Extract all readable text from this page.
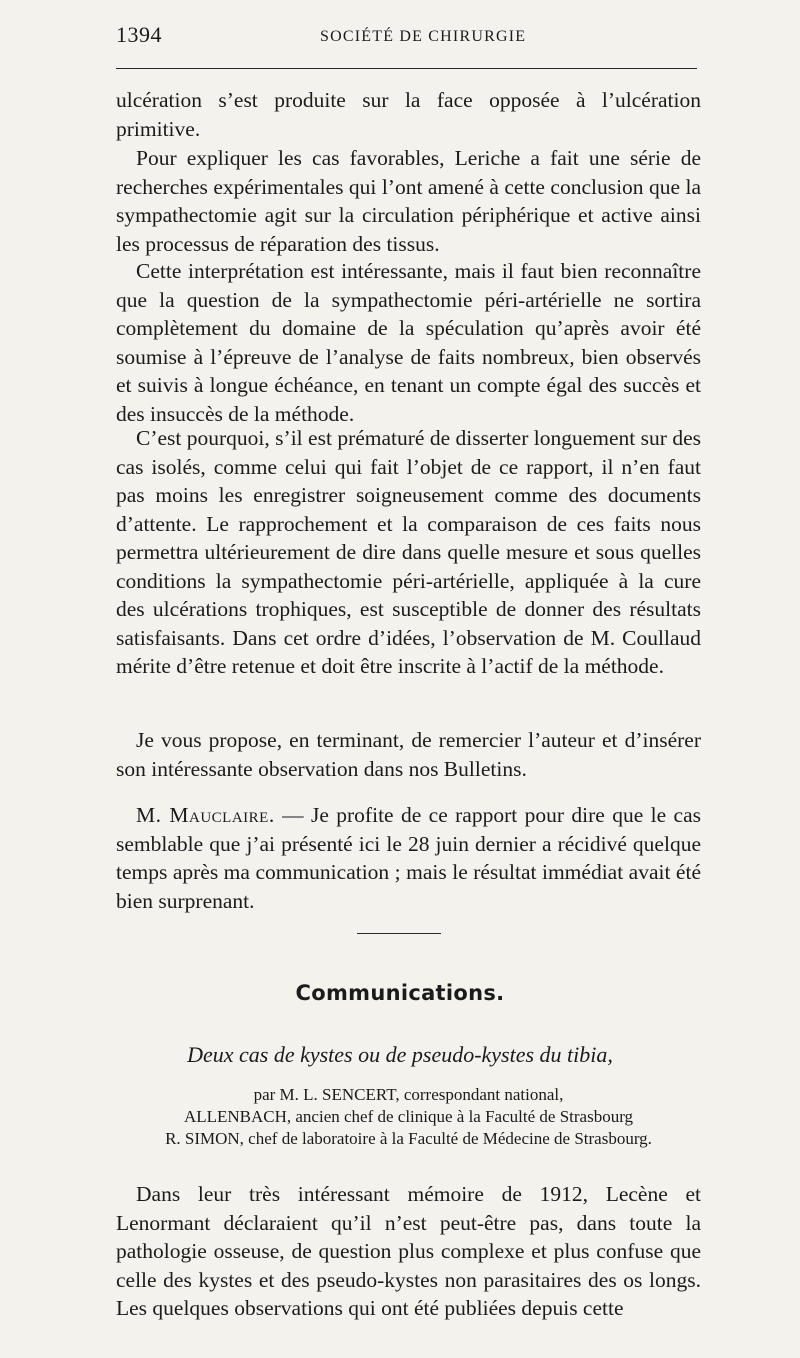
1394	SOCIÉTÉ DE CHIRURGIE
ulcération s’est produite sur la face opposée à l’ulcération primitive.
Pour expliquer les cas favorables, Leriche a fait une série de recherches expérimentales qui l’ont amené à cette conclusion que la sympathectomie agit sur la circulation périphérique et active ainsi les processus de réparation des tissus.
Cette interprétation est intéressante, mais il faut bien reconnaître que la question de la sympathectomie péri-artérielle ne sortira complètement du domaine de la spéculation qu’après avoir été soumise à l’épreuve de l’analyse de faits nombreux, bien observés et suivis à longue échéance, en tenant un compte égal des succès et des insuccès de la méthode.
C’est pourquoi, s’il est prématuré de disserter longuement sur des cas isolés, comme celui qui fait l’objet de ce rapport, il n’en faut pas moins les enregistrer soigneusement comme des documents d’attente. Le rapprochement et la comparaison de ces faits nous permettra ultérieurement de dire dans quelle mesure et sous quelles conditions la sympathectomie péri-artérielle, appliquée à la cure des ulcérations trophiques, est susceptible de donner des résultats satisfaisants. Dans cet ordre d’idées, l’observation de M. Coullaud mérite d’être retenue et doit être inscrite à l’actif de la méthode.
Je vous propose, en terminant, de remercier l’auteur et d’insérer son intéressante observation dans nos Bulletins.
M. Mauclaire. — Je profite de ce rapport pour dire que le cas semblable que j’ai présenté ici le 28 juin dernier a récidivé quelque temps après ma communication ; mais le résultat immédiat avait été bien surprenant.
Communications.
Deux cas de kystes ou de pseudo-kystes du tibia,
par M. L. SENCERT, correspondant national,
ALLENBACH, ancien chef de clinique à la Faculté de Strasbourg
R. SIMON, chef de laboratoire à la Faculté de Médecine de Strasbourg.
Dans leur très intéressant mémoire de 1912, Lecène et Lenormant déclaraient qu’il n’est peut-être pas, dans toute la pathologie osseuse, de question plus complexe et plus confuse que celle des kystes et des pseudo-kystes non parasitaires des os longs. Les quelques observations qui ont été publiées depuis cette
